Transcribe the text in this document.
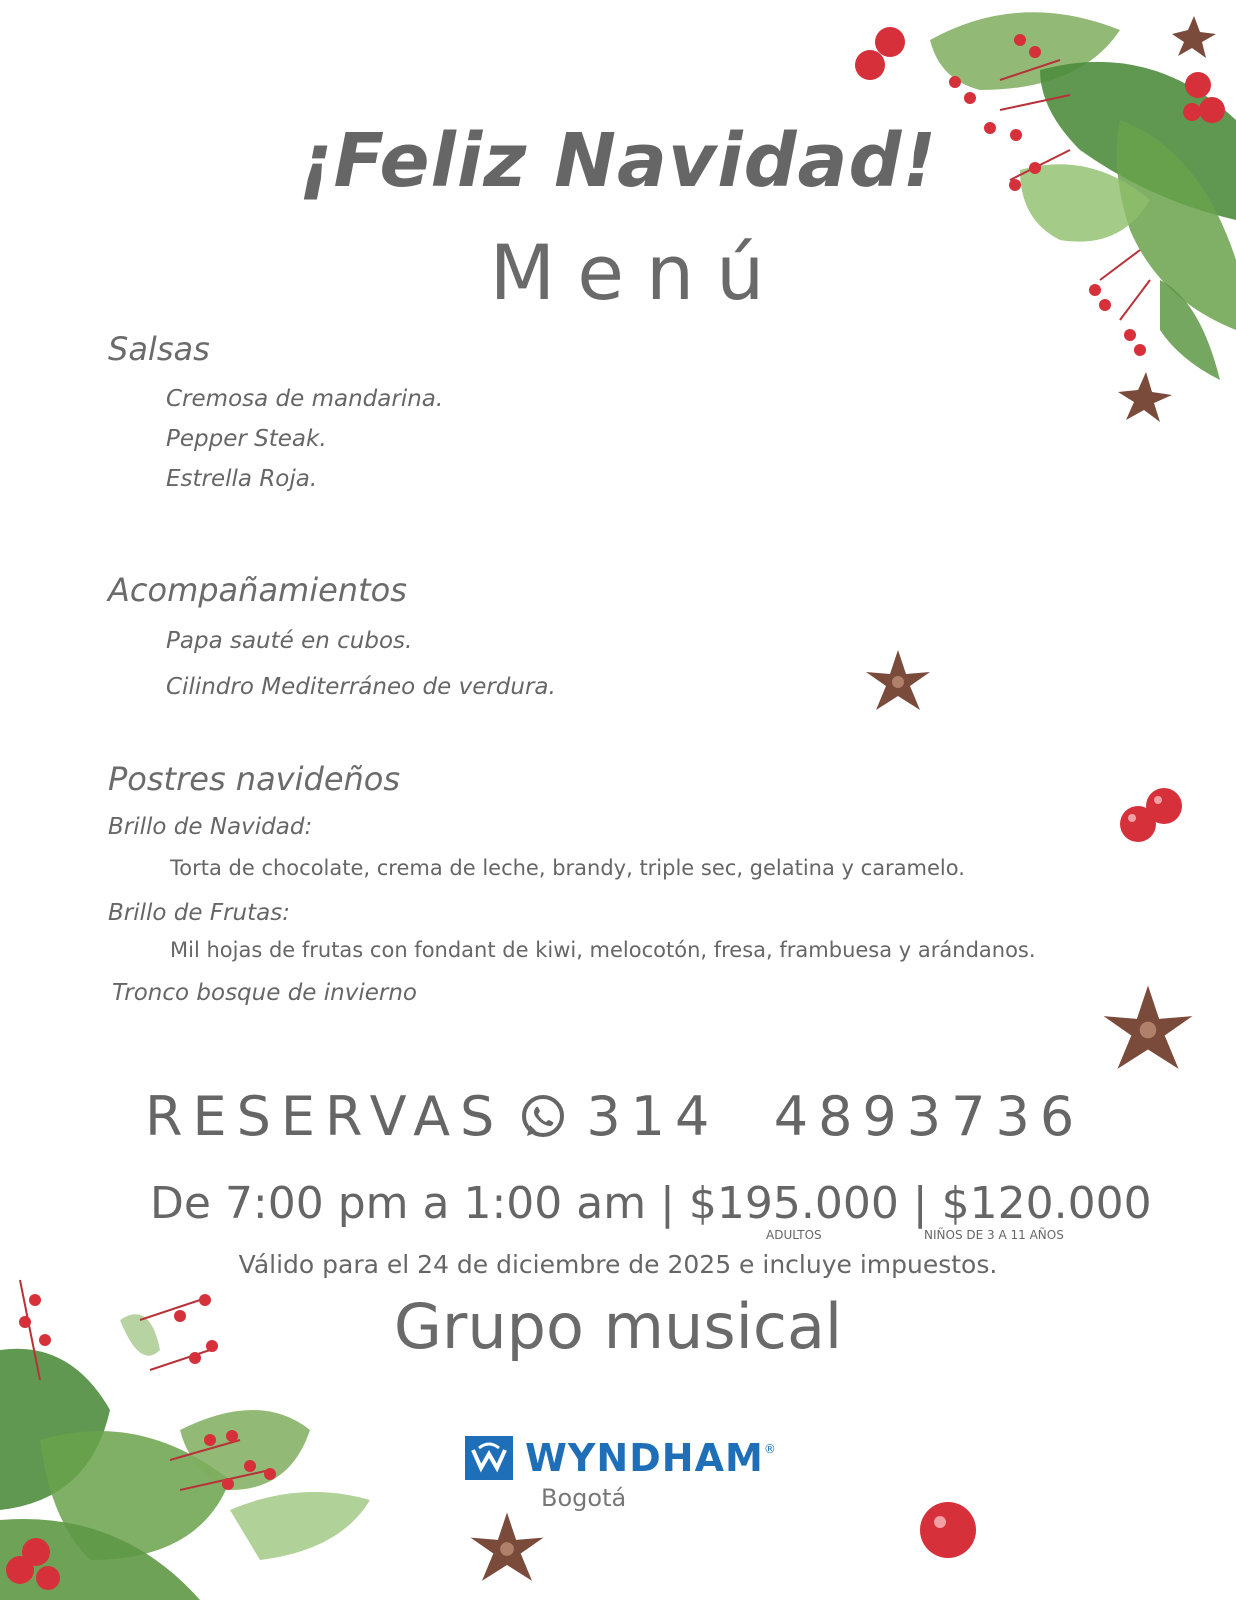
¡Feliz Navidad!
Menú
Salsas
Cremosa de mandarina.
Pepper Steak.
Estrella Roja.
Acompañamientos
Papa sauté en cubos.
Cilindro Mediterráneo de verdura.
Postres navideños
Brillo de Navidad:
Torta de chocolate, crema de leche, brandy, triple sec, gelatina y caramelo.
Brillo de Frutas:
Mil hojas de frutas con fondant de kiwi, melocotón, fresa, frambuesa y arándanos.
Tronco bosque de invierno
RESERVAS 314  4893736
De 7:00 pm a 1:00 am | $195.000 | $120.000
ADULTOS	NIÑOS DE 3 A 11 AÑOS
Válido para el 24 de diciembre de 2025 e incluye impuestos.
Grupo musical
WYNDHAM ®
Bogotá
